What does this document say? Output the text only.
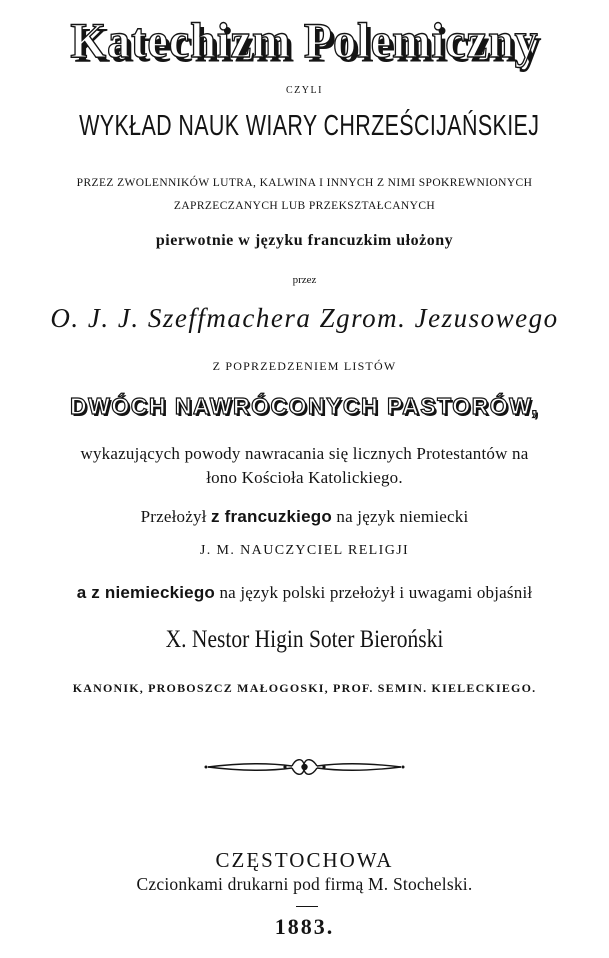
Katechizm Polemiczny
CZYLI
WYKŁAD NAUK WIARY CHRZEŚCIJAŃSKIEJ
PRZEZ ZWOLENNIKÓW LUTRA, KALWINA I INNYCH Z NIMI SPOKREWNIONYCH
ZAPRZECZANYCH LUB PRZEKSZTAŁCANYCH
pierwotnie w języku francuzkim ułożony
przez
O. J. J. Szeffmachera Zgrom. Jezusowego
Z POPRZEDZENIEM LISTÓW
DWÓCH NAWRÓCONYCH PASTORÓW,
wykazujących powody nawracania się licznych Protestantów na
łono Kościoła Katolickiego.
Przełożył z francuzkiego na język niemiecki
J. M. NAUCZYCIEL RELIGJI
a z niemieckiego na język polski przełożył i uwagami objaśnił
X. Nestor Higin Soter Bieroński
KANONIK, PROBOSZCZ MAŁOGOSKI, PROF. SEMIN. KIELECKIEGO.
CZĘSTOCHOWA
Czcionkami drukarni pod firmą M. Stochelski.
1883.
